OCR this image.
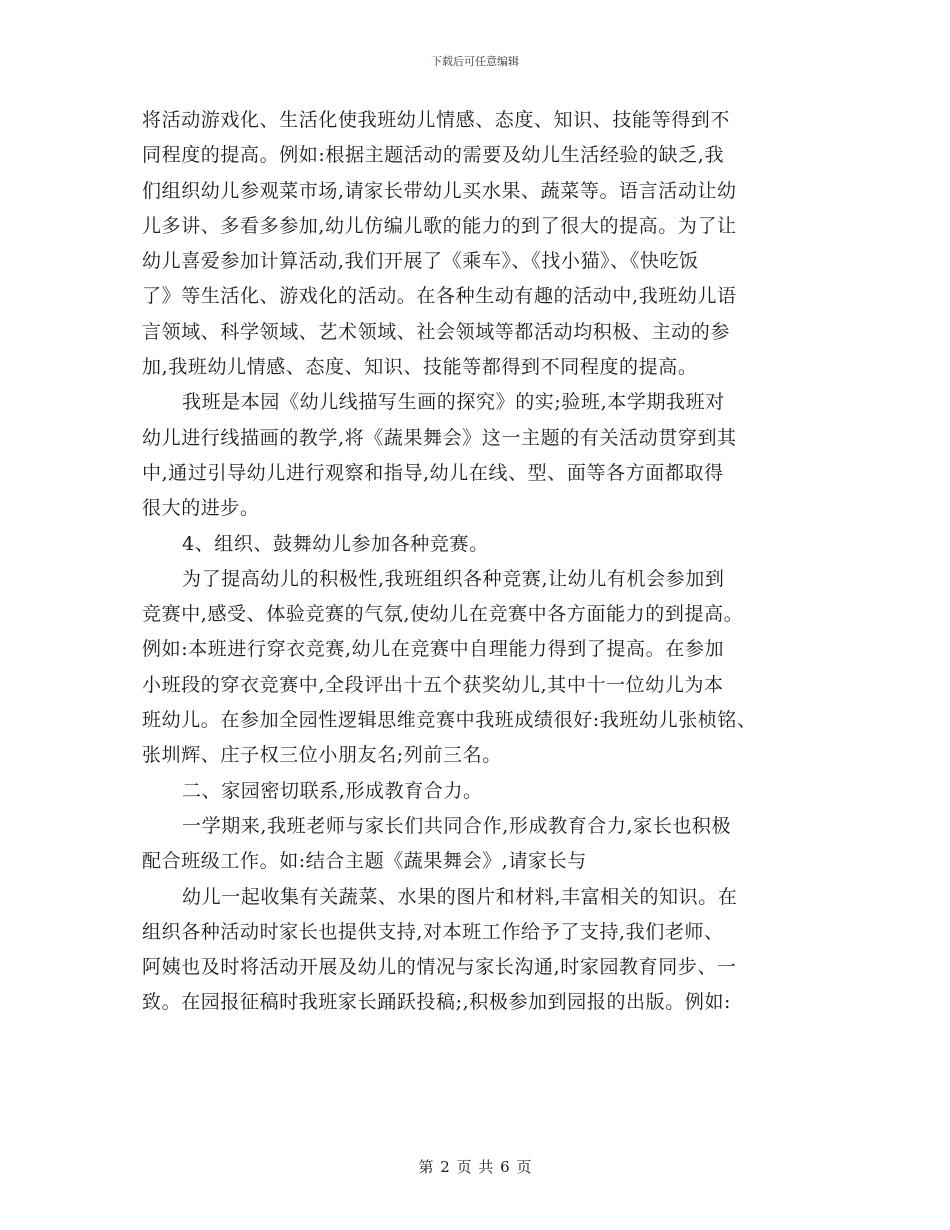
下载后可任意编辑
将活动游戏化、生活化使我班幼儿情感、态度、知识、技能等得到不
同程度的提高。例如:根据主题活动的需要及幼儿生活经验的缺乏,我
们组织幼儿参观菜市场,请家长带幼儿买水果、蔬菜等。语言活动让幼
儿多讲、多看多参加,幼儿仿编儿歌的能力的到了很大的提高。为了让
幼儿喜爱参加计算活动,我们开展了《乘车》、《找小猫》、《快吃饭
了》等生活化、游戏化的活动。在各种生动有趣的活动中,我班幼儿语
言领域、科学领域、艺术领域、社会领域等都活动均积极、主动的参
加,我班幼儿情感、态度、知识、技能等都得到不同程度的提高。
我班是本园《幼儿线描写生画的探究》的实;验班,本学期我班对
幼儿进行线描画的教学,将《蔬果舞会》这一主题的有关活动贯穿到其
中,通过引导幼儿进行观察和指导,幼儿在线、型、面等各方面都取得
很大的进步。
4、组织、鼓舞幼儿参加各种竞赛。
为了提高幼儿的积极性,我班组织各种竞赛,让幼儿有机会参加到
竞赛中,感受、体验竞赛的气氛,使幼儿在竞赛中各方面能力的到提高。
例如:本班进行穿衣竞赛,幼儿在竞赛中自理能力得到了提高。在参加
小班段的穿衣竞赛中,全段评出十五个获奖幼儿,其中十一位幼儿为本
班幼儿。在参加全园性逻辑思维竞赛中我班成绩很好:我班幼儿张桢铭、
张圳辉、庄子权三位小朋友名;列前三名。
二、家园密切联系,形成教育合力。
一学期来,我班老师与家长们共同合作,形成教育合力,家长也积极
配合班级工作。如:结合主题《蔬果舞会》,请家长与
幼儿一起收集有关蔬菜、水果的图片和材料,丰富相关的知识。在
组织各种活动时家长也提供支持,对本班工作给予了支持,我们老师、
阿姨也及时将活动开展及幼儿的情况与家长沟通,时家园教育同步、一
致。在园报征稿时我班家长踊跃投稿;,积极参加到园报的出版。例如:
第 2 页 共 6 页
